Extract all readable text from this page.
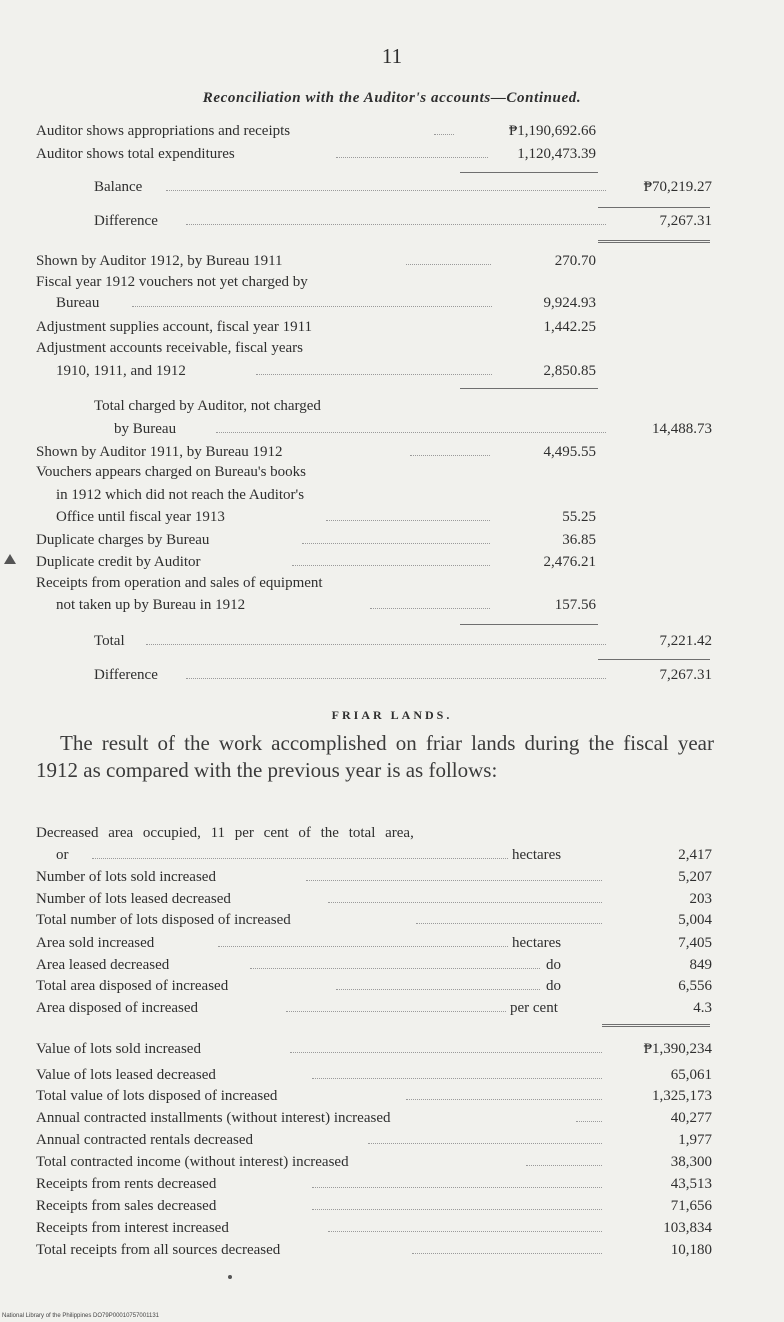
11
Reconciliation with the Auditor's accounts—Continued.
Auditor shows appropriations and receipts	₱1,190,692.66
Auditor shows total expenditures	1,120,473.39
Balance	₱70,219.27
Difference	7,267.31
Shown by Auditor 1912, by Bureau 1911	270.70
Fiscal year 1912 vouchers not yet charged by
Bureau	9,924.93
Adjustment supplies account, fiscal year 1911	1,442.25
Adjustment accounts receivable, fiscal years
1910, 1911, and 1912	2,850.85
Total charged by Auditor, not charged
by Bureau	14,488.73
Shown by Auditor 1911, by Bureau 1912	4,495.55
Vouchers appears charged on Bureau's books
in 1912 which did not reach the Auditor's
Office until fiscal year 1913	55.25
Duplicate charges by Bureau	36.85
Duplicate credit by Auditor	2,476.21
Receipts from operation and sales of equipment
not taken up by Bureau in 1912	157.56
Total	7,221.42
Difference	7,267.31
FRIAR LANDS.
The result of the work accomplished on friar lands during the fiscal year 1912 as compared with the previous year is as follows:
Decreased area occupied, 11 per cent of the total area,
or	hectares	2,417
Number of lots sold increased	5,207
Number of lots leased decreased	203
Total number of lots disposed of increased	5,004
Area sold increased	hectares	7,405
Area leased decreased	do	849
Total area disposed of increased	do	6,556
Area disposed of increased	per cent	4.3
Value of lots sold increased	₱1,390,234
Value of lots leased decreased	65,061
Total value of lots disposed of increased	1,325,173
Annual contracted installments (without interest) increased	40,277
Annual contracted rentals decreased	1,977
Total contracted income (without interest) increased	38,300
Receipts from rents decreased	43,513
Receipts from sales decreased	71,656
Receipts from interest increased	103,834
Total receipts from all sources decreased	10,180
National Library of the Philippines DO79P00010757001131
